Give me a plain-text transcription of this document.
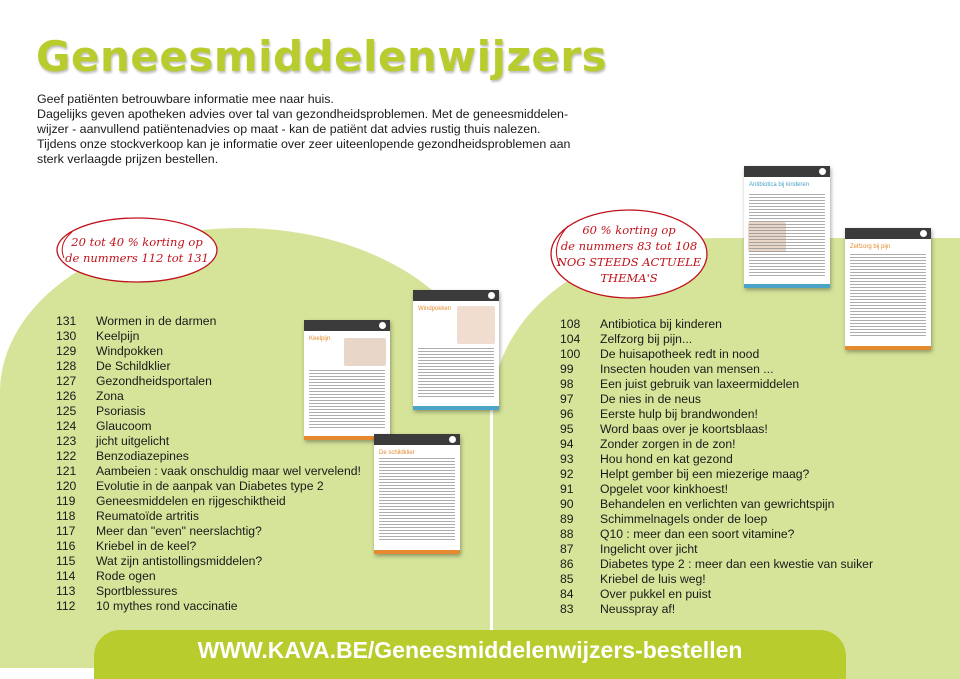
Geneesmiddelenwijzers
Geef patiënten betrouwbare informatie mee naar huis.
Dagelijks geven apotheken advies over tal van gezondheidsproblemen. Met de geneesmiddelen-
wijzer - aanvullend patiëntenadvies op maat - kan de patiënt dat advies rustig thuis nalezen.
Tijdens onze stockverkoop kan je informatie over zeer uiteenlopende gezondheidsproblemen aan
sterk verlaagde prijzen bestellen.
20 tot 40 % korting op
de nummers 112 tot 131
60 % korting op
de nummers 83 tot 108
NOG STEEDS ACTUELE
THEMA'S
131 Wormen in de darmen
130 Keelpijn
129 Windpokken
128 De Schildklier
127 Gezondheidsportalen
126 Zona
125 Psoriasis
124 Glaucoom
123 jicht uitgelicht
122 Benzodiazepines
121 Aambeien : vaak onschuldig maar wel vervelend!
120 Evolutie in de aanpak van Diabetes type 2
119 Geneesmiddelen en rijgeschiktheid
118 Reumatoïde artritis
117 Meer dan "even" neerslachtig?
116 Kriebel in de keel?
115 Wat zijn antistollingsmiddelen?
114 Rode ogen
113 Sportblessures
112 10 mythes rond vaccinatie
108 Antibiotica bij kinderen
104 Zelfzorg bij pijn...
100 De huisapotheek redt in nood
99 Insecten houden van mensen ...
98 Een juist gebruik van laxeermiddelen
97 De nies in de neus
96 Eerste hulp bij brandwonden!
95 Word baas over je koortsblaas!
94 Zonder zorgen in de zon!
93 Hou hond en kat gezond
92 Helpt gember bij een miezerige maag?
91 Opgelet voor kinkhoest!
90 Behandelen en verlichten van gewrichtspijn
89 Schimmelnagels onder de loep
88 Q10 : meer dan een soort vitamine?
87 Ingelicht over jicht
86 Diabetes type 2 : meer dan een kwestie van suiker
85 Kriebel de luis weg!
84 Over pukkel en puist
83 Neusspray af!
Keelpijn
Windpokken
De schildklier
Antibiotica bij kinderen
Zelfzorg bij pijn
WWW.KAVA.BE/Geneesmiddelenwijzers-bestellen
